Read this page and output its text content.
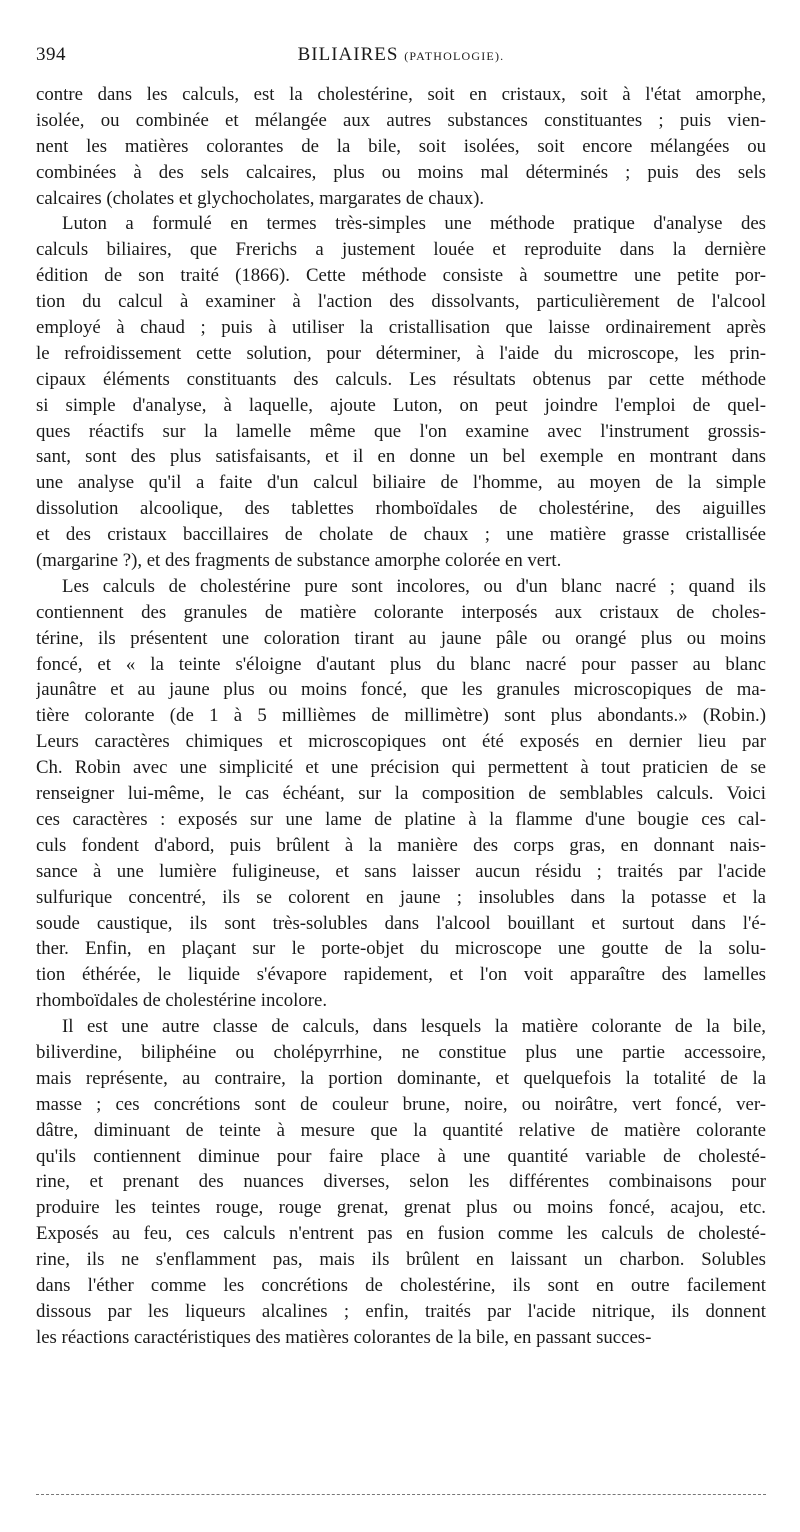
394	BILIAIRES (PATHOLOGIE).
contre dans les calculs, est la cholestérine, soit en cristaux, soit à l'état amorphe,
isolée, ou combinée et mélangée aux autres substances constituantes ; puis vien-
nent les matières colorantes de la bile, soit isolées, soit encore mélangées ou
combinées à des sels calcaires, plus ou moins mal déterminés ; puis des sels
calcaires (cholates et glychocholates, margarates de chaux).
Luton a formulé en termes très-simples une méthode pratique d'analyse des
calculs biliaires, que Frerichs a justement louée et reproduite dans la dernière
édition de son traité (1866). Cette méthode consiste à soumettre une petite por-
tion du calcul à examiner à l'action des dissolvants, particulièrement de l'alcool
employé à chaud ; puis à utiliser la cristallisation que laisse ordinairement après
le refroidissement cette solution, pour déterminer, à l'aide du microscope, les prin-
cipaux éléments constituants des calculs. Les résultats obtenus par cette méthode
si simple d'analyse, à laquelle, ajoute Luton, on peut joindre l'emploi de quel-
ques réactifs sur la lamelle même que l'on examine avec l'instrument grossis-
sant, sont des plus satisfaisants, et il en donne un bel exemple en montrant dans
une analyse qu'il a faite d'un calcul biliaire de l'homme, au moyen de la simple
dissolution alcoolique, des tablettes rhomboïdales de cholestérine, des aiguilles
et des cristaux baccillaires de cholate de chaux ; une matière grasse cristallisée
(margarine ?), et des fragments de substance amorphe colorée en vert.
Les calculs de cholestérine pure sont incolores, ou d'un blanc nacré ; quand ils
contiennent des granules de matière colorante interposés aux cristaux de choles-
térine, ils présentent une coloration tirant au jaune pâle ou orangé plus ou moins
foncé, et « la teinte s'éloigne d'autant plus du blanc nacré pour passer au blanc
jaunâtre et au jaune plus ou moins foncé, que les granules microscopiques de ma-
tière colorante (de 1 à 5 millièmes de millimètre) sont plus abondants.» (Robin.)
Leurs caractères chimiques et microscopiques ont été exposés en dernier lieu par
Ch. Robin avec une simplicité et une précision qui permettent à tout praticien de se
renseigner lui-même, le cas échéant, sur la composition de semblables calculs. Voici
ces caractères : exposés sur une lame de platine à la flamme d'une bougie ces cal-
culs fondent d'abord, puis brûlent à la manière des corps gras, en donnant nais-
sance à une lumière fuligineuse, et sans laisser aucun résidu ; traités par l'acide
sulfurique concentré, ils se colorent en jaune ; insolubles dans la potasse et la
soude caustique, ils sont très-solubles dans l'alcool bouillant et surtout dans l'é-
ther. Enfin, en plaçant sur le porte-objet du microscope une goutte de la solu-
tion éthérée, le liquide s'évapore rapidement, et l'on voit apparaître des lamelles
rhomboïdales de cholestérine incolore.
Il est une autre classe de calculs, dans lesquels la matière colorante de la bile,
biliverdine, biliphéine ou cholépyrrhine, ne constitue plus une partie accessoire,
mais représente, au contraire, la portion dominante, et quelquefois la totalité de la
masse ; ces concrétions sont de couleur brune, noire, ou noirâtre, vert foncé, ver-
dâtre, diminuant de teinte à mesure que la quantité relative de matière colorante
qu'ils contiennent diminue pour faire place à une quantité variable de cholesté-
rine, et prenant des nuances diverses, selon les différentes combinaisons pour
produire les teintes rouge, rouge grenat, grenat plus ou moins foncé, acajou, etc.
Exposés au feu, ces calculs n'entrent pas en fusion comme les calculs de cholesté-
rine, ils ne s'enflamment pas, mais ils brûlent en laissant un charbon. Solubles
dans l'éther comme les concrétions de cholestérine, ils sont en outre facilement
dissous par les liqueurs alcalines ; enfin, traités par l'acide nitrique, ils donnent
les réactions caractéristiques des matières colorantes de la bile, en passant succes-
